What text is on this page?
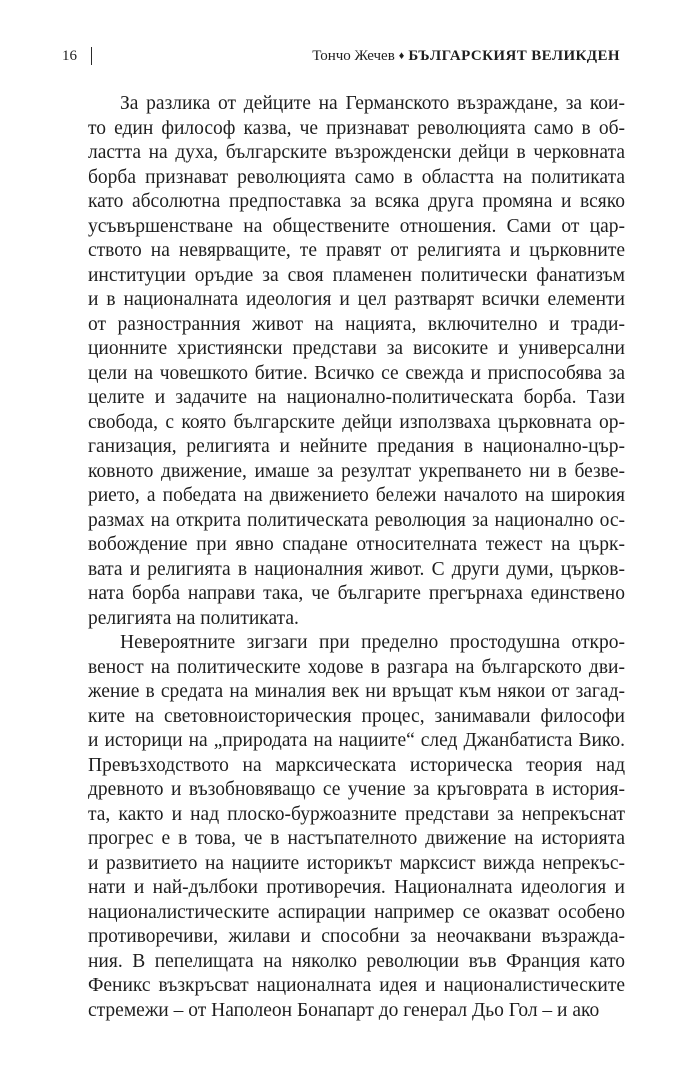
16	Тончо Жечев ♦ БЪЛГАРСКИЯТ ВЕЛИКДЕН
За разлика от дейците на Германското възраждане, за кои-
то един философ казва, че признават революцията само в об-
ластта на духа, българските възрожденски дейци в черковната
борба признават революцията само в областта на политиката
като абсолютна предпоставка за всяка друга промяна и всяко
усъвършенстване на обществените отношения. Сами от цар-
ството на невярващите, те правят от религията и църковните
институции оръдие за своя пламенен политически фанатизъм
и в националната идеология и цел разтварят всички елементи
от разностранния живот на нацията, включително и тради-
ционните християнски представи за високите и универсални
цели на човешкото битие. Всичко се свежда и приспособява за
целите и задачите на национално-политическата борба. Тази
свобода, с която българските дейци използваха църковната ор-
ганизация, религията и нейните предания в национално-цър-
ковното движение, имаше за резултат укрепването ни в безве-
рието, а победата на движението бележи началото на широкия
размах на открита политическата революция за национално ос-
вобождение при явно спадане относителната тежест на църк-
вата и религията в националния живот. С други думи, църков-
ната борба направи така, че българите прегърнаха единствено
религията на политиката.
Невероятните зигзаги при пределно простодушна откро-
веност на политическите ходове в разгара на българското дви-
жение в средата на миналия век ни връщат към някои от загад-
ките на световноисторическия процес, занимавали философи
и историци на „природата на нациите“ след Джанбатиста Вико.
Превъзходството на марксическата историческа теория над
древното и възобновяващо се учение за кръговрата в история-
та, както и над плоско-буржоазните представи за непрекъснат
прогрес е в това, че в настъпателното движение на историята
и развитието на нациите историкът марксист вижда непрекъс-
нати и най-дълбоки противоречия. Националната идеология и
националистическите аспирации например се оказват особено
противоречиви, жилави и способни за неочаквани възражда-
ния. В пепелищата на няколко революции във Франция като
Феникс възкръсват националната идея и националистическите
стремежи – от Наполеон Бонапарт до генерал Дьо Гол – и ако
